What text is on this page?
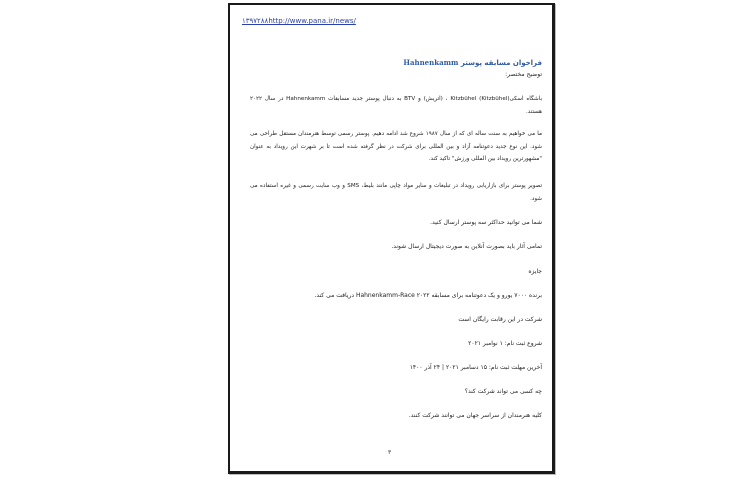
۱۳۹۷۲۸۸http://www.pana.ir/news/
فراخوان مسابقه پوستر Hahnenkamm
توضیح مختصر:
باشگاه اسکی(Kitzbühel) Kitzbühel ، (اتریش) و BTV به دنبال پوستر جدید مسابقات Hahnenkamm در سال ۲۰۲۲ هستند.
ما می خواهیم به سنت ساله ای که از سال ۱۹۸۷ شروع شد ادامه دهیم. پوستر رسمی توسط هنرمندان مستقل طراحی می شود. این نوع جدید دعوتنامه آزاد و بین المللی برای شرکت در نظر گرفته شده است تا بر شهرت این رویداد به عنوان "مشهورترین رویداد بین المللی ورزش" تاکید کند.
تصویر پوستر برای بازاریابی رویداد در تبلیغات و سایر مواد چاپی مانند بلیط، SMS و وب سایت رسمی و غیره استفاده می شود.
شما می توانید حداکثر سه پوستر ارسال کنید.
تمامی آثار باید بصورت آنلاین به صورت دیجیتال ارسال شوند.
جایزه
برنده ۷۰۰۰ یورو و یک دعوتنامه برای مسابقه Hahnenkamm-Race ۲۰۲۲ دریافت می کند.
شرکت در این رقابت رایگان است
شروع ثبت نام: ۱ نوامبر ۲۰۲۱
آخرین مهلت ثبت نام: ۱۵ دسامبر ۲۰۲۱ | ۲۴ آذر ۱۴۰۰
چه کسی می تواند شرکت کند؟
کلیه هنرمندان از سراسر جهان می توانند شرکت کنند.
۳
